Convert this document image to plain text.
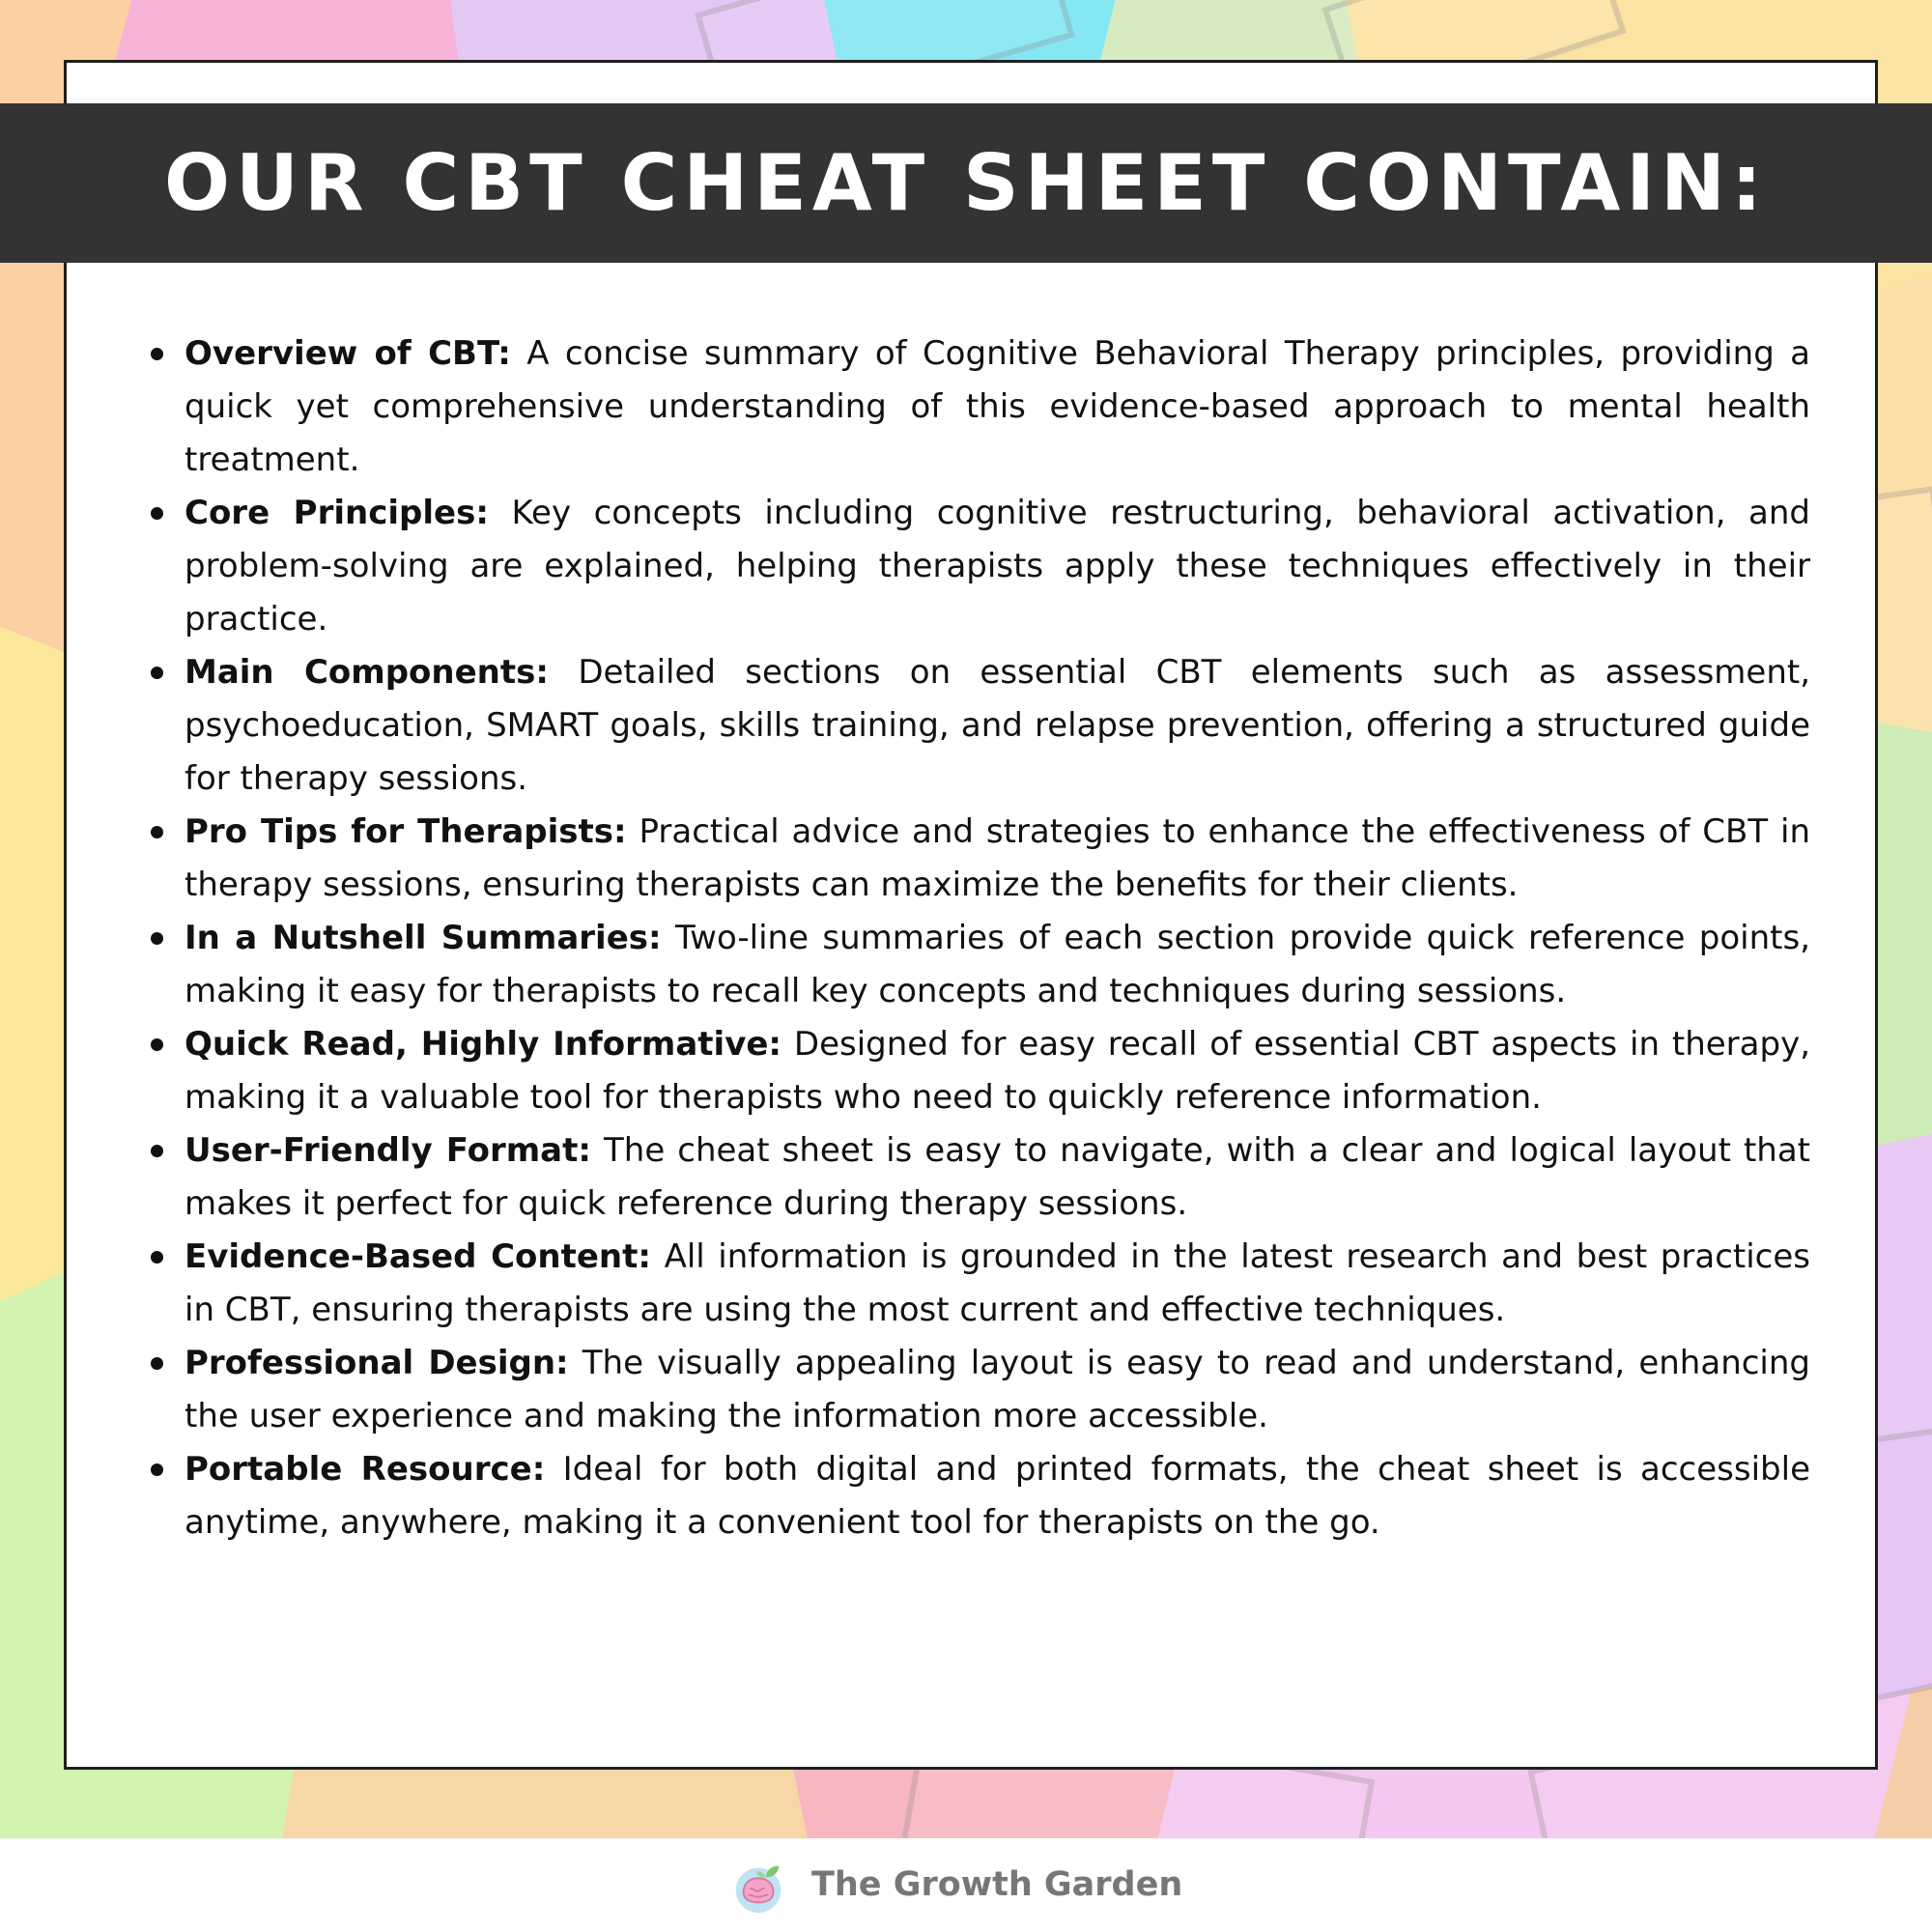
OUR CBT CHEAT SHEET CONTAIN:
Overview of CBT: A concise summary of Cognitive Behavioral Therapy principles, providing a quick yet comprehensive understanding of this evidence-based approach to mental health treatment.
Core Principles: Key concepts including cognitive restructuring, behavioral activation, and problem-solving are explained, helping therapists apply these techniques effectively in their practice.
Main Components: Detailed sections on essential CBT elements such as assessment, psychoeducation, SMART goals, skills training, and relapse prevention, offering a structured guide for therapy sessions.
Pro Tips for Therapists: Practical advice and strategies to enhance the effectiveness of CBT in therapy sessions, ensuring therapists can maximize the benefits for their clients.
In a Nutshell Summaries: Two-line summaries of each section provide quick reference points, making it easy for therapists to recall key concepts and techniques during sessions.
Quick Read, Highly Informative: Designed for easy recall of essential CBT aspects in therapy, making it a valuable tool for therapists who need to quickly reference information.
User-Friendly Format: The cheat sheet is easy to navigate, with a clear and logical layout that makes it perfect for quick reference during therapy sessions.
Evidence-Based Content: All information is grounded in the latest research and best practices in CBT, ensuring therapists are using the most current and effective techniques.
Professional Design: The visually appealing layout is easy to read and understand, enhancing the user experience and making the information more accessible.
Portable Resource: Ideal for both digital and printed formats, the cheat sheet is accessible anytime, anywhere, making it a convenient tool for therapists on the go.
The Growth Garden
